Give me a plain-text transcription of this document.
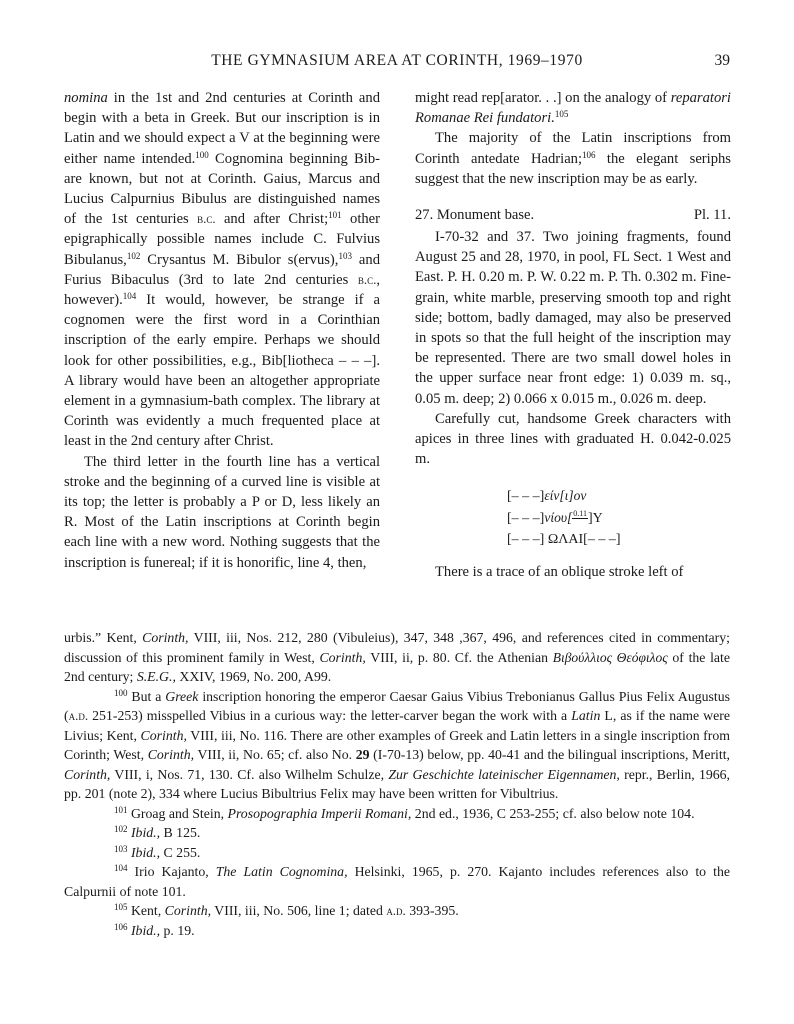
THE GYMNASIUM AREA AT CORINTH, 1969–1970	39

nomina in the 1st and 2nd centuries at Corinth and begin with a beta in Greek. But our inscription is in Latin and we should expect a V at the beginning were either name intended.$^{100}$ Cognomina beginning Bib- are known, but not at Corinth. Gaius, Marcus and Lucius Calpurnius Bibulus are distinguished names of the 1st centuries b.c. and after Christ;$^{101}$ other epigraphically possible names include C. Fulvius Bibulanus,$^{102}$ Crysantus M. Bibulor s(ervus),$^{103}$ and Furius Bibaculus (3rd to late 2nd centuries b.c., however).$^{104}$ It would, however, be strange if a cognomen were the first word in a Corinthian inscription of the early empire. Perhaps we should look for other possibilities, e.g., Bib[liotheca – – –]. A library would have been an altogether appropriate element in a gymnasium-bath complex. The library at Corinth was evidently a much frequented place at least in the 2nd century after Christ.

The third letter in the fourth line has a vertical stroke and the beginning of a curved line is visible at its top; the letter is probably a P or D, less likely an R. Most of the Latin inscriptions at Corinth begin each line with a new word. Nothing suggests that the inscription is funereal; if it is honorific, line 4, then,

might read rep[arator. . .] on the analogy of reparatori Romanae Rei fundatori.$^{105}$

The majority of the Latin inscriptions from Corinth antedate Hadrian;$^{106}$ the elegant seriphs suggest that the new inscription may be as early.

27. Monument base.	Pl. 11.

I-70-32 and 37. Two joining fragments, found August 25 and 28, 1970, in pool, FL Sect. 1 West and East. P. H. 0.20 m. P. W. 0.22 m. P. Th. 0.302 m. Fine-grain, white marble, preserving smooth top and right side; bottom, badly damaged, may also be preserved in spots so that the full height of the inscription may be represented. There are two small dowel holes in the upper surface near front edge: 1) 0.039 m. sq., 0.05 m. deep; 2) 0.066 x 0.015 m., 0.026 m. deep.

Carefully cut, handsome Greek characters with apices in three lines with graduated H. 0.042-0.025 m.

[– – –]είν[ι]ον
[– – –]νίου[ 0.11 ]Υ
[– – –] ΩΛΑΙ[– – –]

There is a trace of an oblique stroke left of

urbis.” Kent, Corinth, VIII, iii, Nos. 212, 280 (Vibuleius), 347, 348 ,367, 496, and references cited in commentary; discussion of this prominent family in West, Corinth, VIII, ii, p. 80. Cf. the Athenian Βιβούλλιος Θεόφιλος of the late 2nd century; S.E.G., XXIV, 1969, No. 200, A99.

$^{100}$ But a Greek inscription honoring the emperor Caesar Gaius Vibius Trebonianus Gallus Pius Felix Augustus (a.d. 251-253) misspelled Vibius in a curious way: the letter-carver began the work with a Latin L, as if the name were Livius; Kent, Corinth, VIII, iii, No. 116. There are other examples of Greek and Latin letters in a single inscription from Corinth; West, Corinth, VIII, ii, No. 65; cf. also No. 29 (I-70-13) below, pp. 40-41 and the bilingual inscriptions, Meritt, Corinth, VIII, i, Nos. 71, 130. Cf. also Wilhelm Schulze, Zur Geschichte lateinischer Eigennamen, repr., Berlin, 1966, pp. 201 (note 2), 334 where Lucius Bibultrius Felix may have been written for Vibultrius.

$^{101}$ Groag and Stein, Prosopographia Imperii Romani, 2nd ed., 1936, C 253-255; cf. also below note 104.

$^{102}$ Ibid., B 125.

$^{103}$ Ibid., C 255.

$^{104}$ Irio Kajanto, The Latin Cognomina, Helsinki, 1965, p. 270. Kajanto includes references also to the Calpurnii of note 101.

$^{105}$ Kent, Corinth, VIII, iii, No. 506, line 1; dated a.d. 393-395.

$^{106}$ Ibid., p. 19.
